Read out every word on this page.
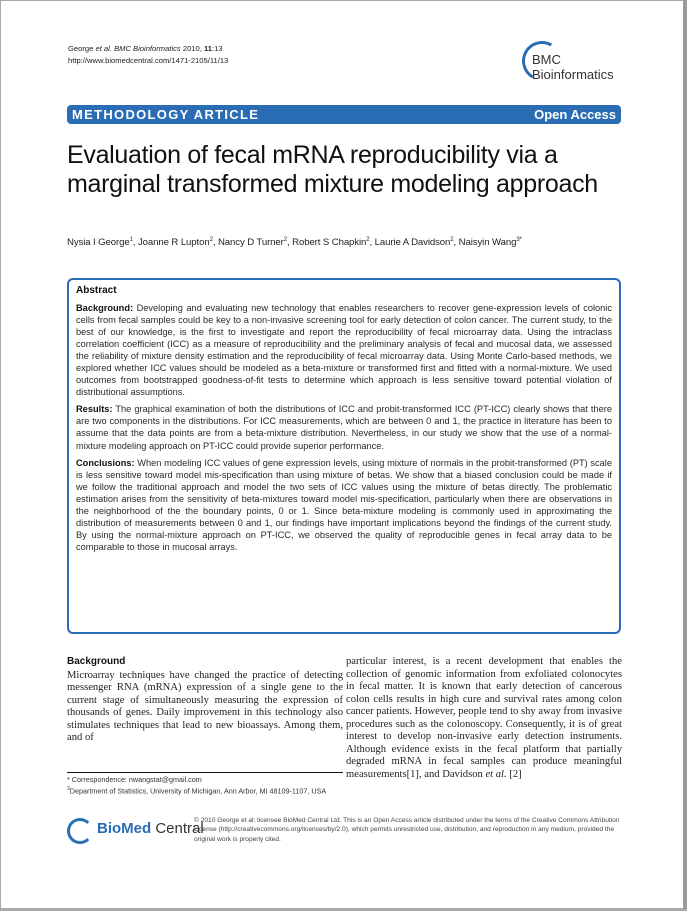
George et al. BMC Bioinformatics 2010, 11:13
http://www.biomedcentral.com/1471-2105/11/13	BMC
Bioinformatics
METHODOLOGY ARTICLE	Open Access
Evaluation of fecal mRNA reproducibility via a marginal transformed mixture modeling approach
Nysia I George$^1$, Joanne R Lupton$^2$, Nancy D Turner$^2$, Robert S Chapkin$^2$, Laurie A Davidson$^2$, Naisyin Wang$^{3*}$
Abstract

Background: Developing and evaluating new technology that enables researchers to recover gene-expression levels of colonic cells from fecal samples could be key to a non-invasive screening tool for early detection of colon cancer. The current study, to the best of our knowledge, is the first to investigate and report the reproducibility of fecal microarray data. Using the intraclass correlation coefficient (ICC) as a measure of reproducibility and the preliminary analysis of fecal and mucosal data, we assessed the reliability of mixture density estimation and the reproducibility of fecal microarray data. Using Monte Carlo-based methods, we explored whether ICC values should be modeled as a beta-mixture or transformed first and fitted with a normal-mixture. We used outcomes from bootstrapped goodness-of-fit tests to determine which approach is less sensitive toward potential violation of distributional assumptions.

Results: The graphical examination of both the distributions of ICC and probit-transformed ICC (PT-ICC) clearly shows that there are two components in the distributions. For ICC measurements, which are between 0 and 1, the practice in literature has been to assume that the data points are from a beta-mixture distribution. Nevertheless, in our study we show that the use of a normal-mixture modeling approach on PT-ICC could provide superior performance.

Conclusions: When modeling ICC values of gene expression levels, using mixture of normals in the probit-transformed (PT) scale is less sensitive toward model mis-specification than using mixture of betas. We show that a biased conclusion could be made if we follow the traditional approach and model the two sets of ICC values using the mixture of betas directly. The problematic estimation arises from the sensitivity of beta-mixtures toward model mis-specification, particularly when there are observations in the neighborhood of the the boundary points, 0 or 1. Since beta-mixture modeling is commonly used in approximating the distribution of measurements between 0 and 1, our findings have important implications beyond the findings of the current study. By using the normal-mixture approach on PT-ICC, we observed the quality of reproducible genes in fecal array data to be comparable to those in mucosal arrays.

Background

Microarray techniques have changed the practice of detecting messenger RNA (mRNA) expression of a single gene to the current stage of simultaneously measuring the expression of thousands of genes. Daily improvement in this technology also stimulates techniques that lead to new bioassays. Among them, and of

particular interest, is a recent development that enables the collection of genomic information from exfoliated colonocytes in fecal matter. It is known that early detection of cancerous colon cells results in high cure and survival rates among colon cancer patients. However, people tend to shy away from invasive procedures such as the colonoscopy. Consequently, it is of great interest to develop non-invasive early detection instruments. Although evidence exists in the fecal platform that partially degraded mRNA in fecal samples can produce meaningful measurements[1], and Davidson et al. [2]

* Correspondence: nwangstat@gmail.com
$^3$Department of Statistics, University of Michigan, Ann Arbor, MI 48109-1107, USA
BioMed Central
© 2010 George et al; licensee BioMed Central Ltd. This is an Open Access article distributed under the terms of the Creative Commons Attribution License (http://creativecommons.org/licenses/by/2.0), which permits unrestricted use, distribution, and reproduction in any medium, provided the original work is properly cited.
